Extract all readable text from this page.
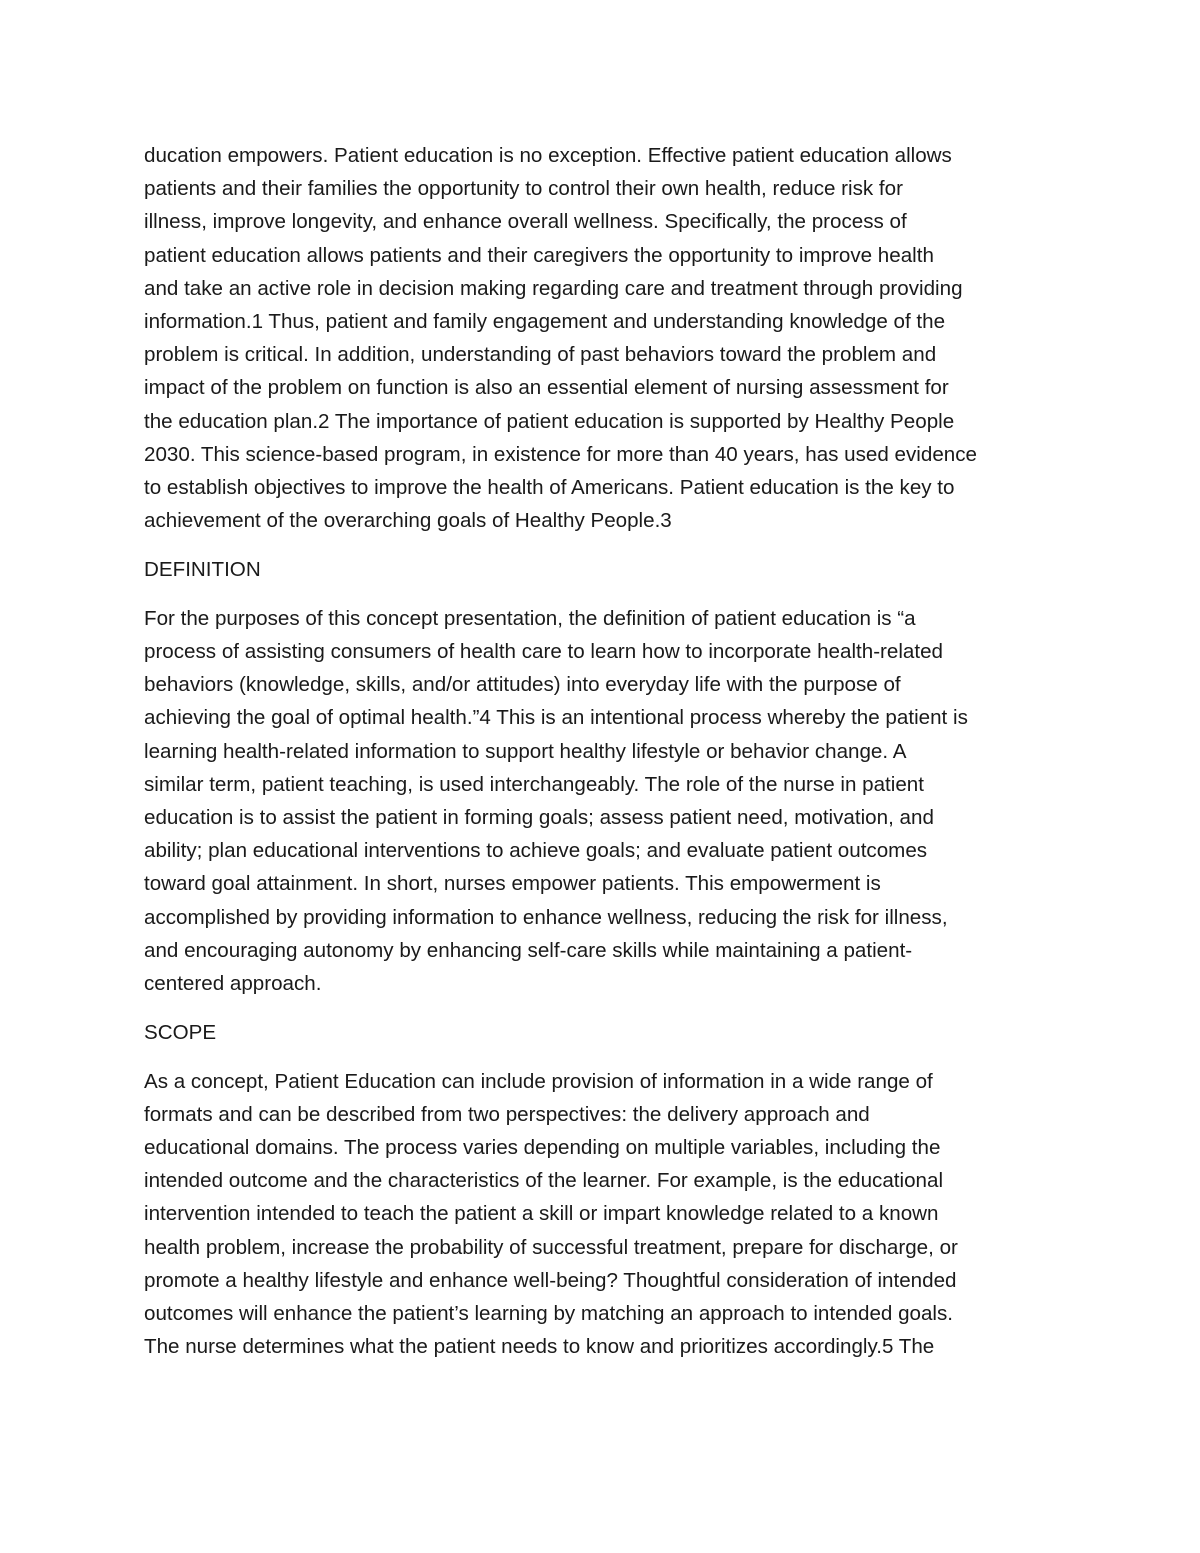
ducation empowers. Patient education is no exception. Effective patient education allows
patients and their families the opportunity to control their own health, reduce risk for
illness, improve longevity, and enhance overall wellness. Specifically, the process of
patient education allows patients and their caregivers the opportunity to improve health
and take an active role in decision making regarding care and treatment through providing
information.1 Thus, patient and family engagement and understanding knowledge of the
problem is critical. In addition, understanding of past behaviors toward the problem and
impact of the problem on function is also an essential element of nursing assessment for
the education plan.2 The importance of patient education is supported by Healthy People
2030. This science-based program, in existence for more than 40 years, has used evidence
to establish objectives to improve the health of Americans. Patient education is the key to
achievement of the overarching goals of Healthy People.3

DEFINITION

For the purposes of this concept presentation, the definition of patient education is “a
process of assisting consumers of health care to learn how to incorporate health-related
behaviors (knowledge, skills, and/or attitudes) into everyday life with the purpose of
achieving the goal of optimal health.”4 This is an intentional process whereby the patient is
learning health-related information to support healthy lifestyle or behavior change. A
similar term, patient teaching, is used interchangeably. The role of the nurse in patient
education is to assist the patient in forming goals; assess patient need, motivation, and
ability; plan educational interventions to achieve goals; and evaluate patient outcomes
toward goal attainment. In short, nurses empower patients. This empowerment is
accomplished by providing information to enhance wellness, reducing the risk for illness,
and encouraging autonomy by enhancing self-care skills while maintaining a patient-
centered approach.

SCOPE

As a concept, Patient Education can include provision of information in a wide range of
formats and can be described from two perspectives: the delivery approach and
educational domains. The process varies depending on multiple variables, including the
intended outcome and the characteristics of the learner. For example, is the educational
intervention intended to teach the patient a skill or impart knowledge related to a known
health problem, increase the probability of successful treatment, prepare for discharge, or
promote a healthy lifestyle and enhance well-being? Thoughtful consideration of intended
outcomes will enhance the patient’s learning by matching an approach to intended goals.
The nurse determines what the patient needs to know and prioritizes accordingly.5 The
